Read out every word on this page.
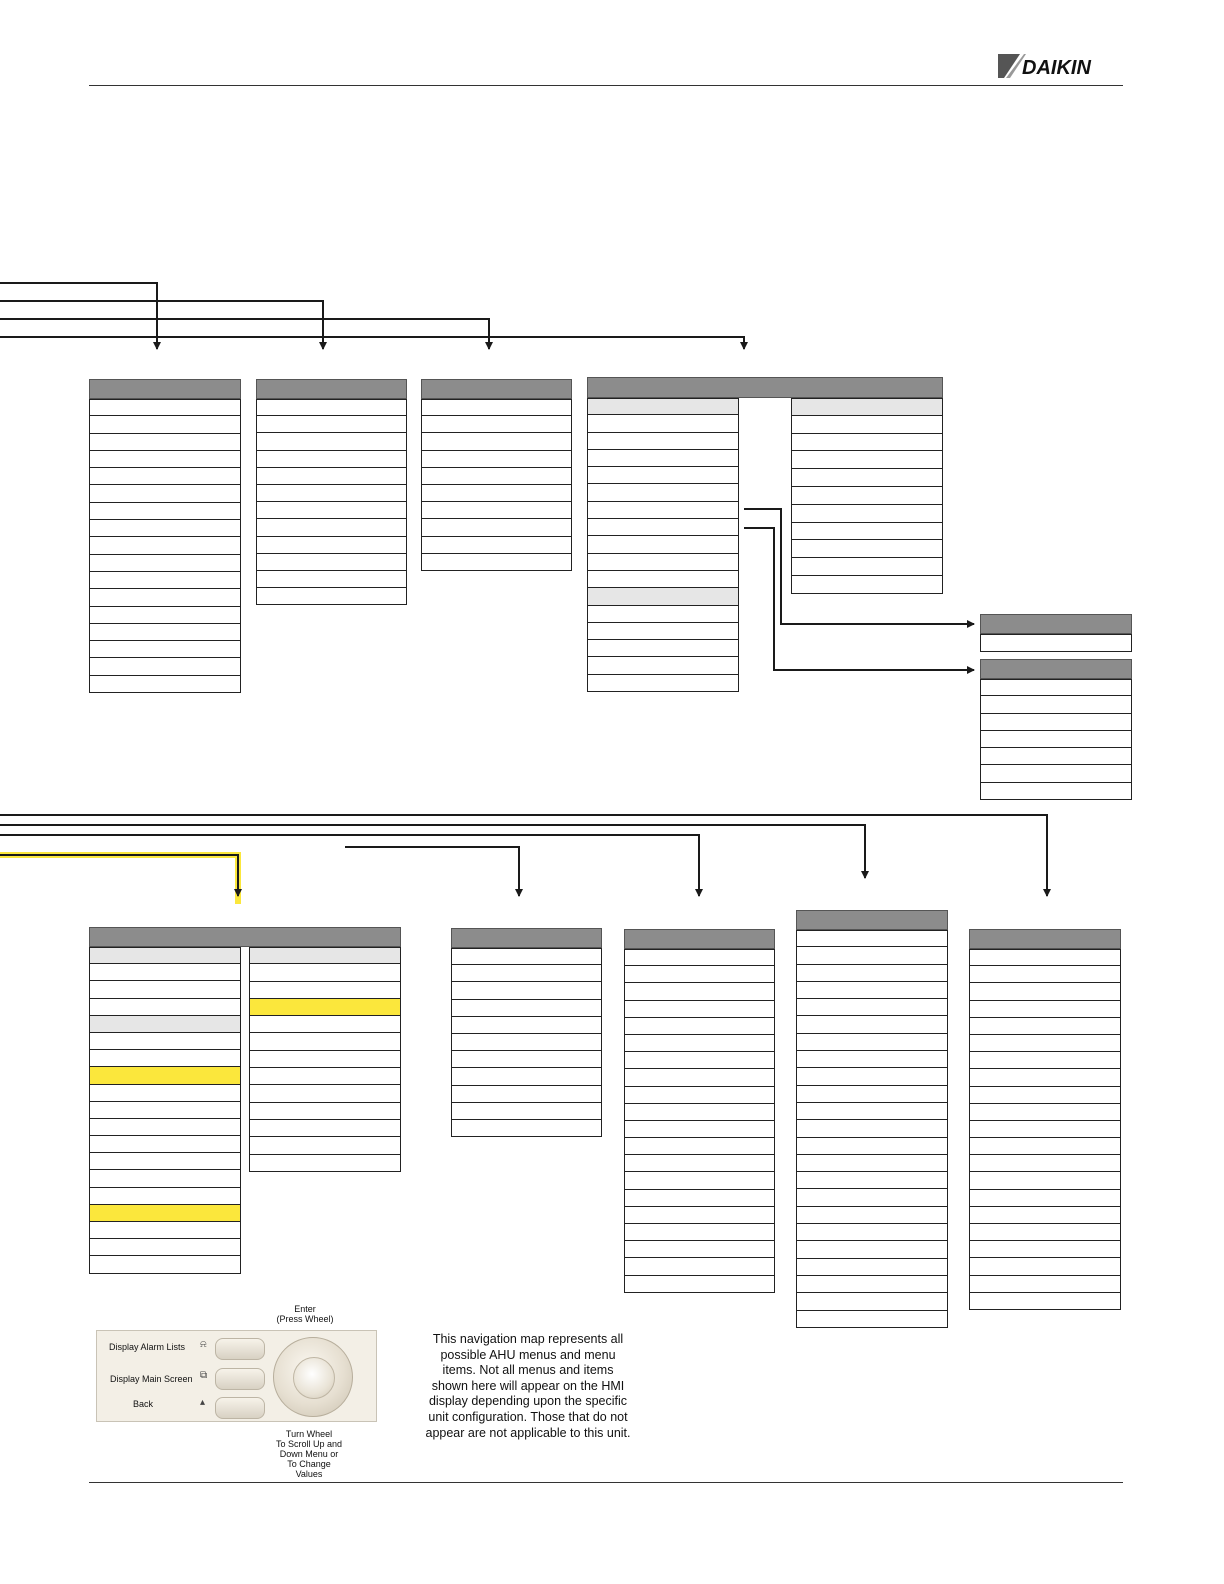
DAIKIN
Display Alarm Lists
Display Main Screen
Back
⍾
⧉
▴
Enter
(Press Wheel)
Turn Wheel
To Scroll Up and
Down Menu or
To Change
Values
This navigation map represents all possible AHU menus and menu items. Not all menus and items shown here will appear on the HMI display depending upon the specific unit configuration. Those that do not appear are not applicable to this unit.
